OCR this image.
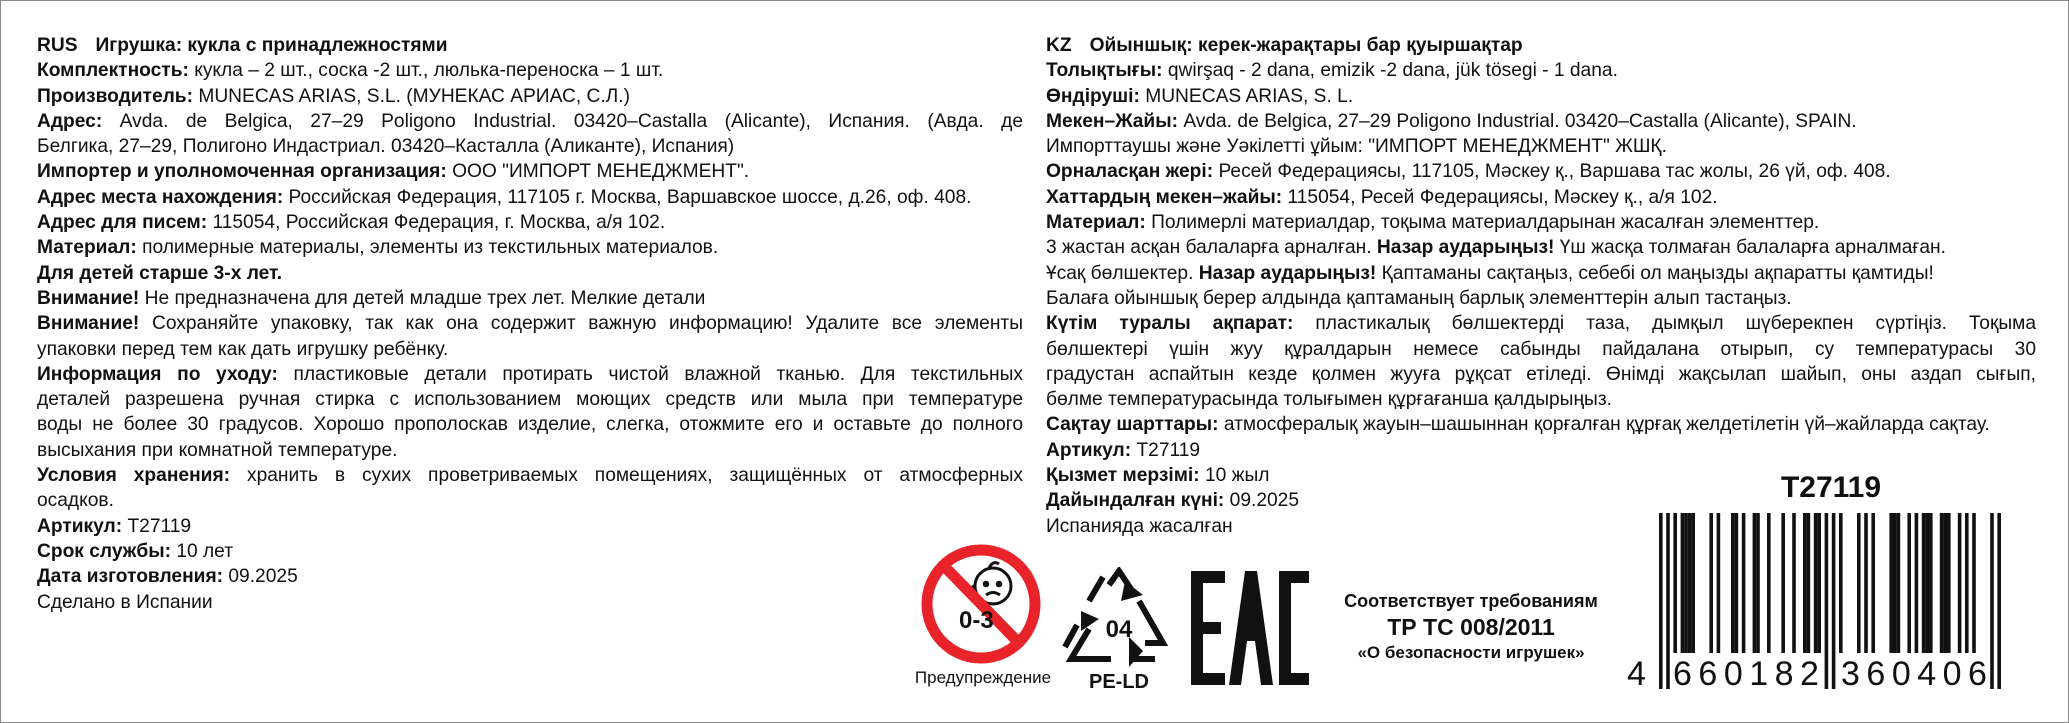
RUS Игрушка: кукла с принадлежностями
Комплектность: кукла – 2 шт., соска -2 шт., люлька-переноска – 1 шт.
Производитель: MUNECAS ARIAS, S.L. (МУНЕКАС АРИАС, С.Л.)
Адрес: Avda. de Belgica, 27–29 Poligono Industrial. 03420–Castalla (Alicante), Испания. (Авда. де
Белгика, 27–29, Полигоно Индастриал. 03420–Касталла (Аликанте), Испания)
Импортер и уполномоченная организация: ООО "ИМПОРТ МЕНЕДЖМЕНТ".
Адрес места нахождения: Российская Федерация, 117105 г. Москва, Варшавское шоссе, д.26, оф. 408.
Адрес для писем: 115054, Российская Федерация, г. Москва, а/я 102.
Материал: полимерные материалы, элементы из текстильных материалов.
Для детей старше 3-х лет.
Внимание! Не предназначена для детей младше трех лет. Мелкие детали
Внимание! Сохраняйте упаковку, так как она содержит важную информацию! Удалите все элементы
упаковки перед тем как дать игрушку ребёнку.
Информация по уходу: пластиковые детали протирать чистой влажной тканью. Для текстильных
деталей разрешена ручная стирка с использованием моющих средств или мыла при температуре
воды не более 30 градусов. Хорошо прополоскав изделие, слегка, отожмите его и оставьте до полного
высыхания при комнатной температуре.
Условия хранения: хранить в сухих проветриваемых помещениях, защищённых от атмосферных
осадков.
Артикул: T27119
Срок службы: 10 лет
Дата изготовления: 09.2025
Сделано в Испании
KZ Ойыншық: керек-жарақтары бар қуыршақтар
Толықтығы: qwirşaq - 2 dana, emizik -2 dana, jük tösegi - 1 dana.
Өндіруші: MUNECAS ARIAS, S. L.
Мекен–Жайы: Avda. de Belgica, 27–29 Poligono Industrial. 03420–Castalla (Alicante), SPAIN.
Импорттаушы және Уәкілетті ұйым: "ИМПОРТ МЕНЕДЖМЕНТ" ЖШҚ.
Орналасқан жері: Ресей Федерациясы, 117105, Мәскеу қ., Варшава тас жолы, 26 үй, оф. 408.
Хаттардың мекен–жайы: 115054, Ресей Федерациясы, Мәскеу қ., а/я 102.
Материал: Полимерлі материалдар, тоқыма материалдарынан жасалған элементтер.
3 жастан асқан балаларға арналған. Назар аударыңыз! Үш жасқа толмаған балаларға арналмаған.
Ұсақ бөлшектер. Назар аударыңыз! Қаптаманы сақтаңыз, себебі ол маңызды ақпаратты қамтиды!
Балаға ойыншық берер алдында қаптаманың барлық элементтерін алып тастаңыз.
Күтім туралы ақпарат: пластикалық бөлшектерді таза, дымқыл шүберекпен сүртіңіз. Тоқыма
бөлшектері үшін жуу құралдарын немесе сабынды пайдалана отырып, су температурасы 30
градустан аспайтын кезде қолмен жууға рұқсат етіледі. Өнімді жақсылап шайып, оны аздап сығып,
бөлме температурасында толығымен құрғағанша қалдырыңыз.
Сақтау шарттары: атмосфералық жауын–шашыннан қорғалған құрғақ желдетілетін үй–жайларда сақтау.
Артикул: T27119
Қызмет мерзімі: 10 жыл
Дайындалған күні: 09.2025
Испанияда жасалған
0-3
Предупреждение
04
PE-LD
Соответствует требованиям
ТР ТС 008/2011
«О безопасности игрушек»
T27119
4 660182 360406
